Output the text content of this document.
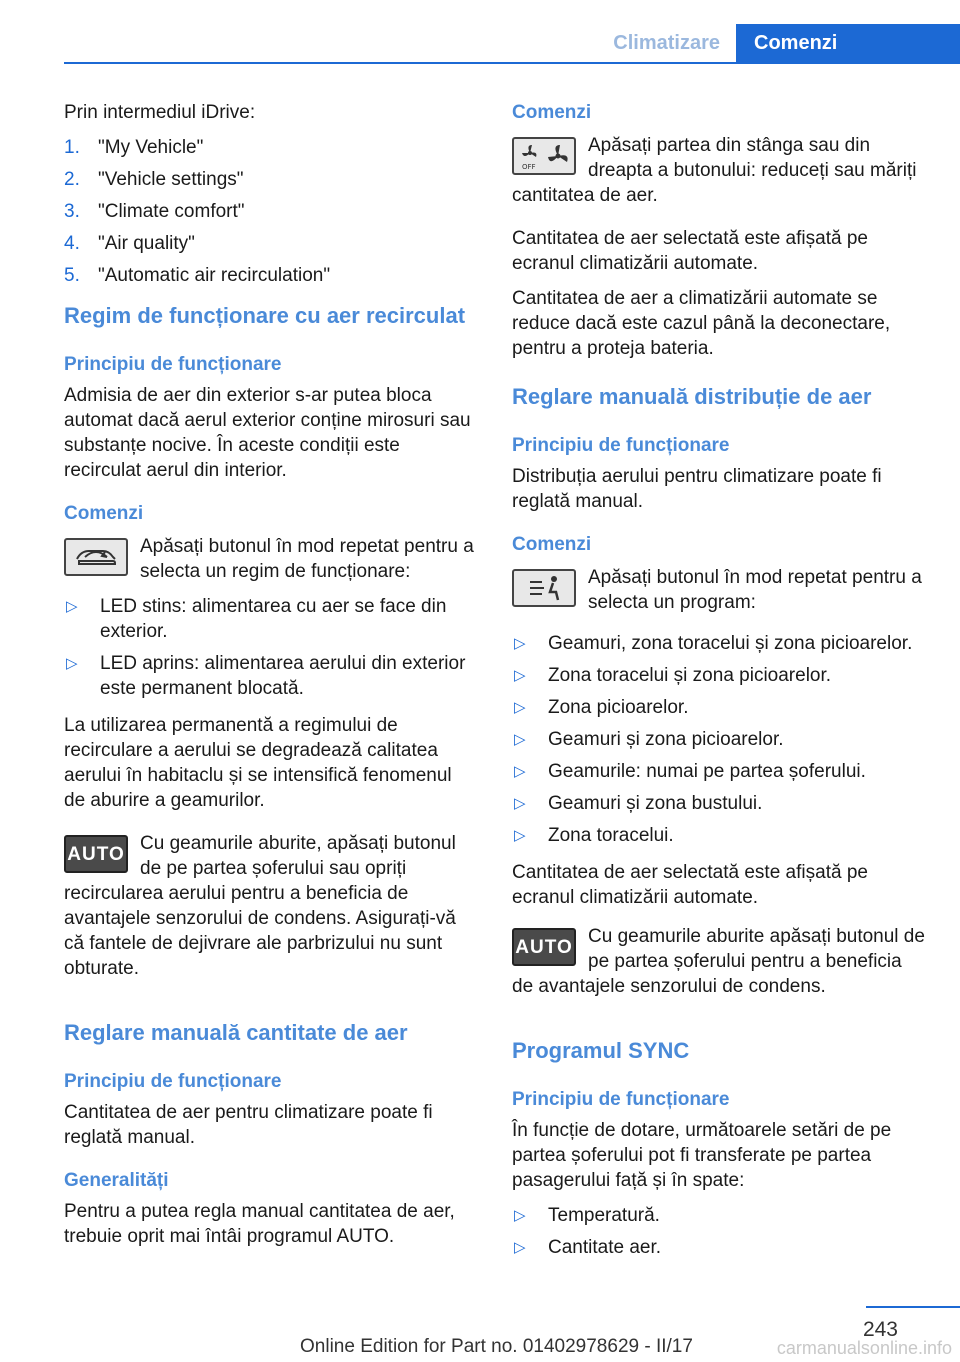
Climatizare	Comenzi

Prin intermediul iDrive:

1. "My Vehicle"
2. "Vehicle settings"
3. "Climate comfort"
4. "Air quality"
5. "Automatic air recirculation"
Regim de funcționare cu aer recirculat
Principiu de funcționare

Admisia de aer din exterior s-ar putea bloca automat dacă aerul exterior conține mirosuri sau substanțe nocive. În aceste condiții este recirculat aerul din interior.

Comenzi

Apăsați butonul în mod repetat pentru a selecta un regim de funcționare:

▷	LED stins: alimentarea cu aer se face din exterior.
▷	LED aprins: alimentarea aerului din exterior este permanent blocată.

La utilizarea permanentă a regimului de recirculare a aerului se degradează calitatea aerului în habitaclu și se intensifică fenomenul de aburire a geamurilor.

AUTO Cu geamurile aburite, apăsați butonul de pe partea șoferului sau opriți recircularea aerului pentru a beneficia de avantajele senzorului de condens. Asigurați-vă că fantele de dejivrare ale parbrizului nu sunt obturate.

Reglare manuală cantitate de aer
Principiu de funcționare

Cantitatea de aer pentru climatizare poate fi reglată manual.

Generalități

Pentru a putea regla manual cantitatea de aer, trebuie oprit mai întâi programul AUTO.

Comenzi
OFF

Apăsați partea din stânga sau din dreapta a butonului: reduceți sau măriți cantitatea de aer.

Cantitatea de aer selectată este afișată pe ecranul climatizării automate.

Cantitatea de aer a climatizării automate se reduce dacă este cazul până la deconectare, pentru a proteja bateria.

Reglare manuală distribuție de aer
Principiu de funcționare

Distribuția aerului pentru climatizare poate fi reglată manual.

Comenzi

Apăsați butonul în mod repetat pentru a selecta un program:

▷	Geamuri, zona toracelui și zona picioarelor.
▷	Zona toracelui și zona picioarelor.
▷	Zona picioarelor.
▷	Geamuri și zona picioarelor.
▷	Geamurile: numai pe partea șoferului.
▷	Geamuri și zona bustului.
▷	Zona toracelui.

Cantitatea de aer selectată este afișată pe ecranul climatizării automate.

AUTO Cu geamurile aburite apăsați butonul de pe partea șoferului pentru a beneficia de avantajele senzorului de condens.

Programul SYNC
Principiu de funcționare

În funcție de dotare, următoarele setări de pe partea șoferului pot fi transferate pe partea pasagerului față și în spate:

▷	Temperatură.
▷	Cantitate aer.
243
Online Edition for Part no. 01402978629 - II/17	carmanualsonline.info
